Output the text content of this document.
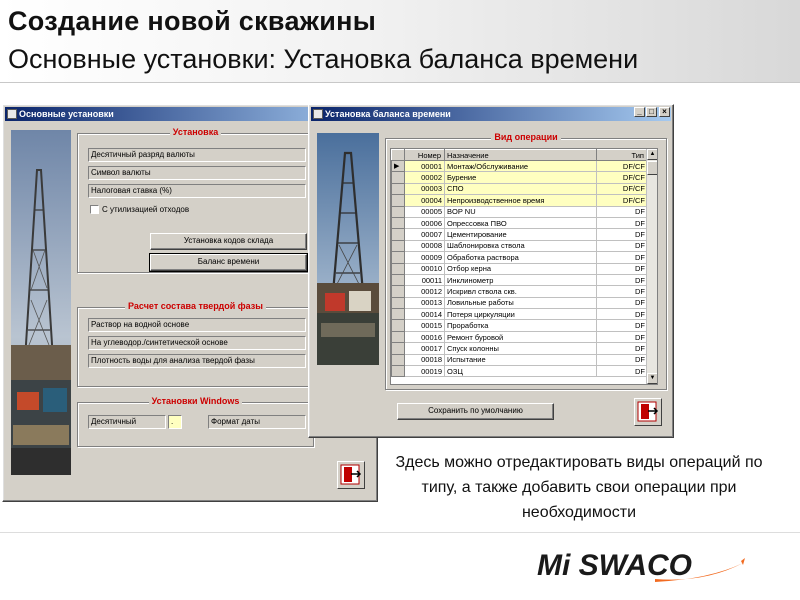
Создание новой скважины
Основные установки: Установка баланса времени
Основные установки
Установка
Десятичный разряд валюты
Символ валюты
Налоговая ставка (%)
С утилизацией отходов
Установка кодов склада
Баланс времени
Расчет состава твердой фазы
Раствор на водной основе
На углеводор./синтетической основе
Плотность воды для анализа твердой фазы
Установки Windows
Десятичный	.	Формат даты
Установка баланса времени	_ □	×
Вид операции
	Номер	Назначение	Тип
▶	00001	Монтаж/Обслуживание	DF/CF
	00002	Бурение	DF/CF
	00003	СПО	DF/CF
	00004	Непроизводственное время	DF/CF
	00005	BOP NU	DF
	00006	Опрессовка ПВО	DF
	00007	Цементирование	DF
	00008	Шаблонировка ствола	DF
	00009	Обработка раствора	DF
	00010	Отбор керна	DF
	00011	Инклинометр	DF
	00012	Искривл ствола скв.	DF
	00013	Ловильные работы	DF
	00014	Потеря циркуляции	DF
	00015	Проработка	DF
	00016	Ремонт буровой	DF
	00017	Спуск колонны	DF
	00018	Испытание	DF
	00019	ОЗЦ	DF
▲
▼
Сохранить по умолчанию
Здесь можно отредактировать виды операций по типу, а также добавить свои операции при необходимости
Mi SWACO
